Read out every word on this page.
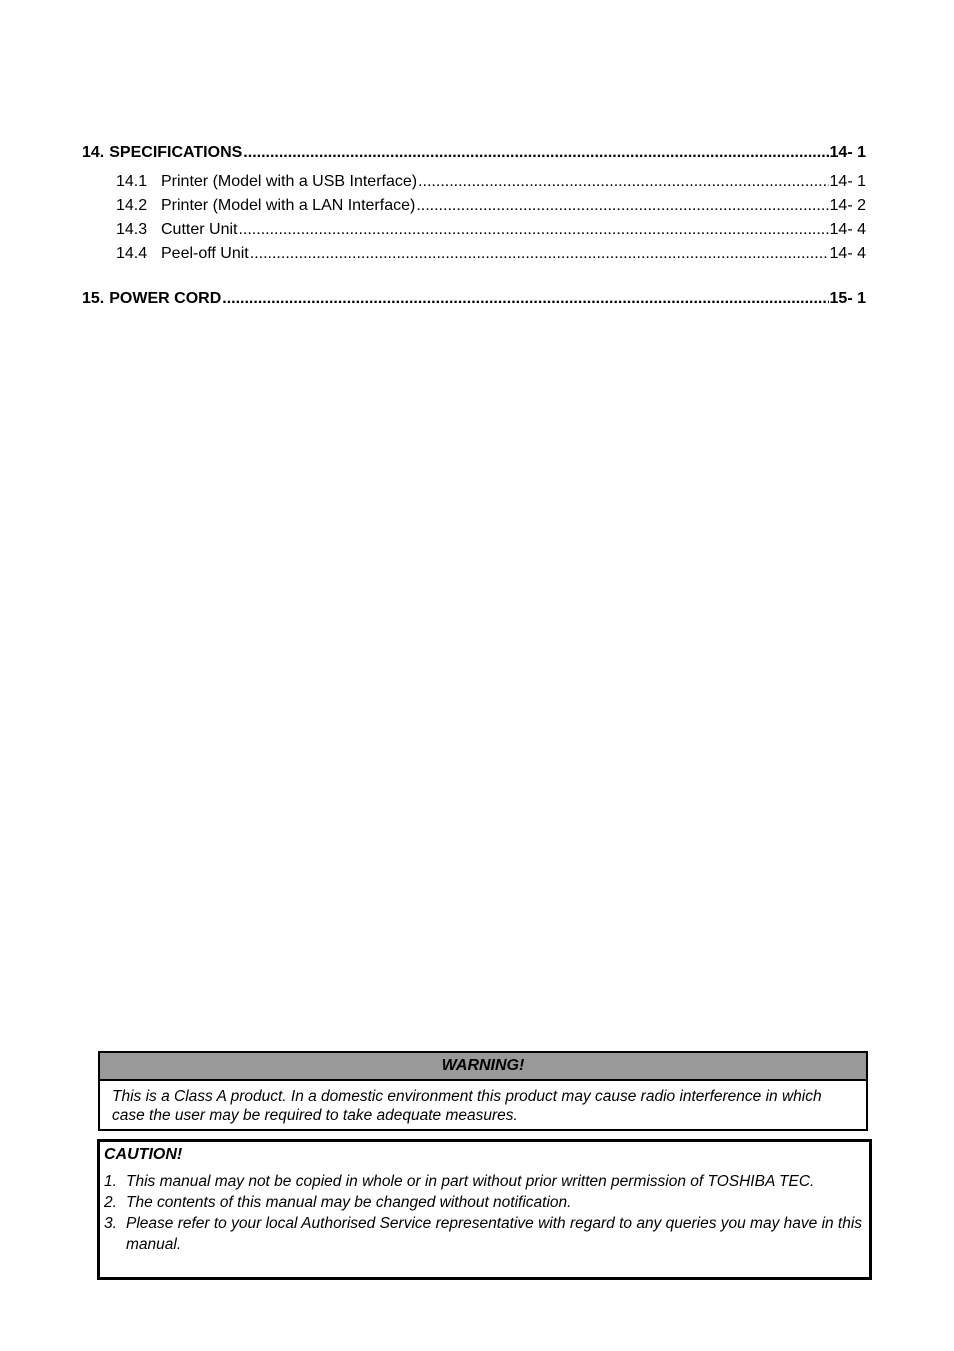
14. SPECIFICATIONS .....	14- 1
14.1 Printer (Model with a USB Interface) .....	14- 1
14.2 Printer (Model with a LAN Interface) .....	14- 2
14.3 Cutter Unit .....	14- 4
14.4 Peel-off Unit .....	14- 4
15. POWER CORD .....	15- 1
WARNING!
This is a Class A product. In a domestic environment this product may cause radio interference in which case the user may be required to take adequate measures.
CAUTION!
1. This manual may not be copied in whole or in part without prior written permission of TOSHIBA TEC.
2. The contents of this manual may be changed without notification.
3. Please refer to your local Authorised Service representative with regard to any queries you may have in this manual.
